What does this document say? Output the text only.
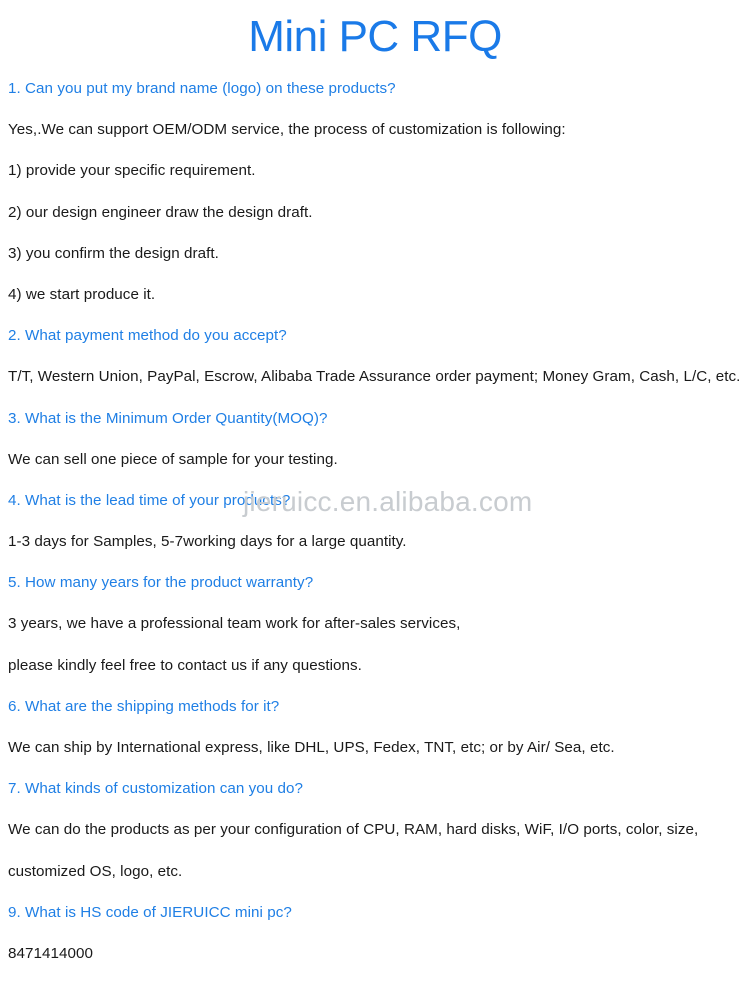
Mini PC RFQ
1. Can you put my brand name (logo) on these products?
Yes,.We can support OEM/ODM service, the process of customization is following:
1) provide your specific requirement.
2) our design engineer draw the design draft.
3) you confirm the design draft.
4) we start produce it.
2. What payment method do you accept?
T/T, Western Union, PayPal, Escrow, Alibaba Trade Assurance order payment; Money Gram, Cash, L/C, etc.
3. What is the Minimum Order Quantity(MOQ)?
We can sell one piece of sample for your testing.
4. What is the lead time of your products?
1-3 days for Samples, 5-7working days for a large quantity.
5. How many years for the product warranty?
3 years, we have a professional team work for after-sales services,
please kindly feel free to contact us if any questions.
6. What are the shipping methods for it?
We can ship by International express, like DHL, UPS, Fedex, TNT, etc; or by Air/ Sea, etc.
7. What kinds of customization can you do?
We can do the products as per your configuration of CPU, RAM, hard disks, WiF, I/O ports, color, size,
customized OS, logo, etc.
9. What is HS code of JIERUICC mini pc?
8471414000
jieruicc.en.alibaba.com
